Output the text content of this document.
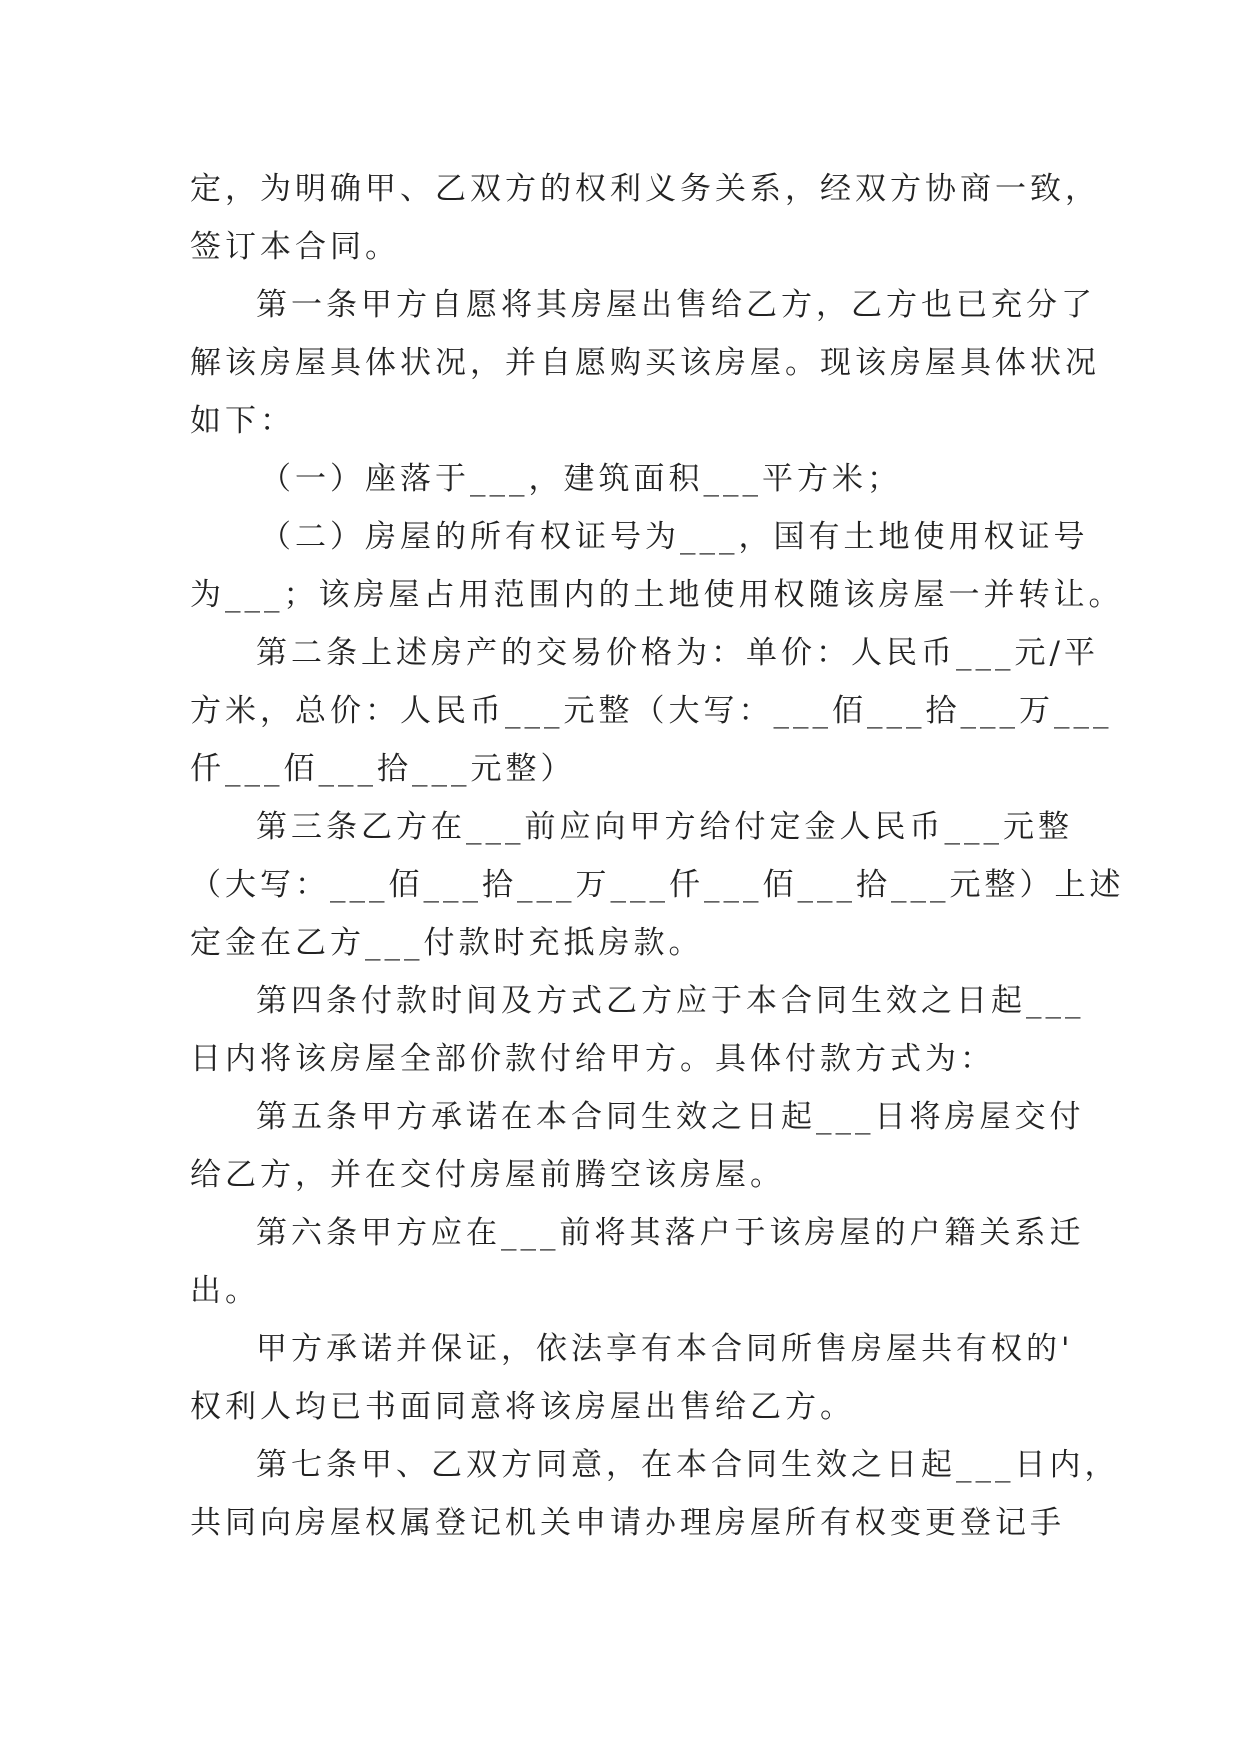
定，为明确甲、乙双方的权利义务关系，经双方协商一致，
签订本合同。
第一条甲方自愿将其房屋出售给乙方，乙方也已充分了
解该房屋具体状况，并自愿购买该房屋。现该房屋具体状况
如下：
（一）座落于___，建筑面积___平方米；
（二）房屋的所有权证号为___，国有土地使用权证号
为___；该房屋占用范围内的土地使用权随该房屋一并转让。
第二条上述房产的交易价格为：单价：人民币___元/平
方米，总价：人民币___元整（大写：___佰___拾___万___
仟___佰___拾___元整）
第三条乙方在___前应向甲方给付定金人民币___元整
（大写：___佰___拾___万___仟___佰___拾___元整）上述
定金在乙方___付款时充抵房款。
第四条付款时间及方式乙方应于本合同生效之日起___
日内将该房屋全部价款付给甲方。具体付款方式为：
第五条甲方承诺在本合同生效之日起___日将房屋交付
给乙方，并在交付房屋前腾空该房屋。
第六条甲方应在___前将其落户于该房屋的户籍关系迁
出。
甲方承诺并保证，依法享有本合同所售房屋共有权的'
权利人均已书面同意将该房屋出售给乙方。
第七条甲、乙双方同意，在本合同生效之日起___日内，
共同向房屋权属登记机关申请办理房屋所有权变更登记手
